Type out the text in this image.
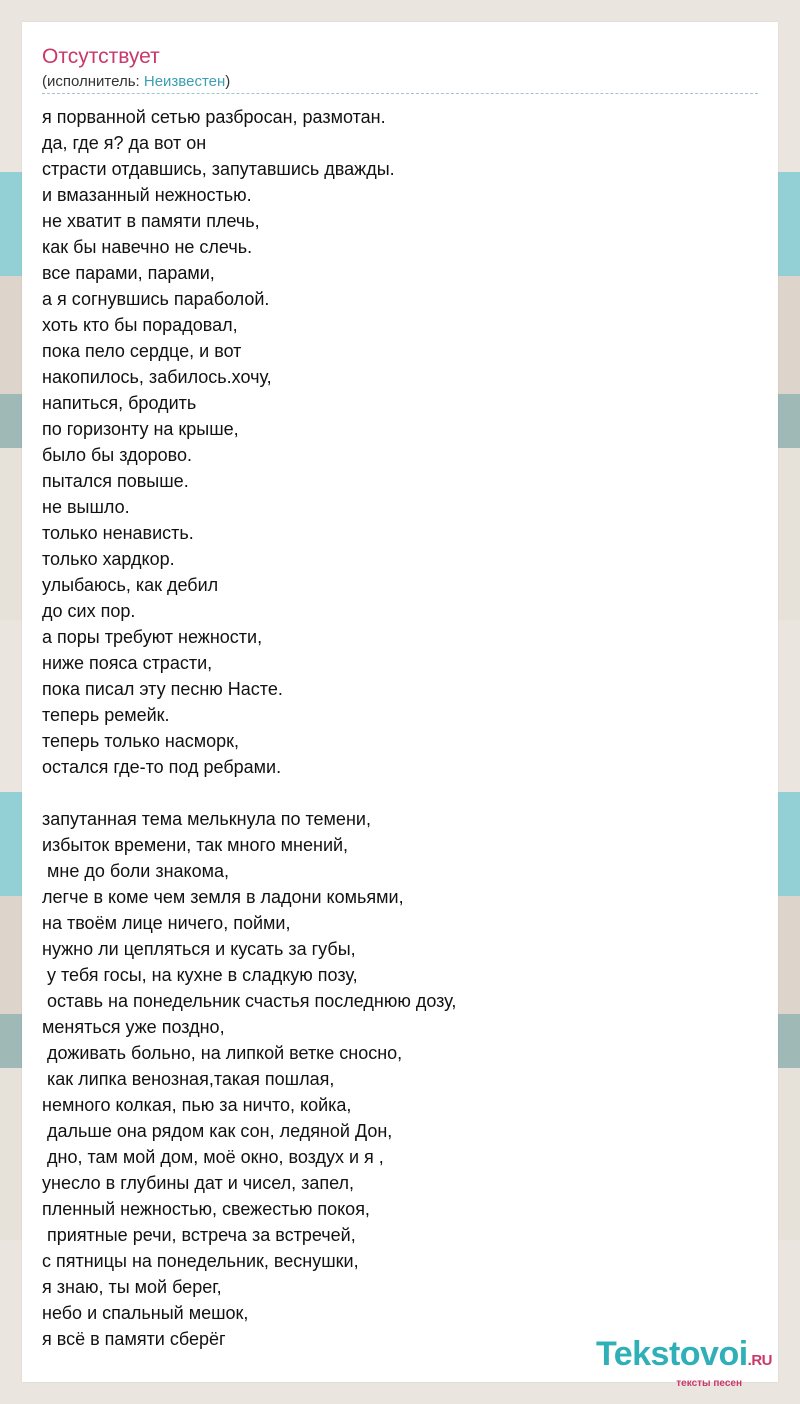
Отсутствует
(исполнитель: Неизвестен)
я порванной сетью разбросан, размотан.
да, где я? да вот он
страсти отдавшись, запутавшись дважды.
и вмазанный нежностью.
не хватит в памяти плечь,
как бы навечно не слечь.
все парами, парами,
а я согнувшись параболой.
хоть кто бы порадовал,
пока пело сердце, и вот
накопилось, забилось.хочу,
напиться, бродить
по горизонту на крыше,
было бы здорово.
пытался повыше.
не вышло.
только ненависть.
только хардкор.
улыбаюсь, как дебил
до сих пор.
а поры требуют нежности,
ниже пояса страсти,
пока писал эту песню Насте.
теперь ремейк.
теперь только насморк,
остался где-то под ребрами.

запутанная тема мелькнула по темени,
избыток времени, так много мнений,
мне до боли знакома,
легче в коме чем земля в ладони комьями,
на твоём лице ничего, пойми,
нужно ли цепляться и кусать за губы,
у тебя госы, на кухне в сладкую позу,
оставь на понедельник счастья последнюю дозу,
меняться уже поздно,
доживать больно, на липкой ветке сносно,
как липка венозная,такая пошлая,
немного колкая, пью за ничто, койка,
дальше она рядом как сон, ледяной Дон,
дно, там мой дом, моё окно, воздух и я ,
унесло в глубины дат и чисел, запел,
пленный нежностью, свежестью покоя,
приятные речи, встреча за встречей,
с пятницы на понедельник, веснушки,
я знаю, ты мой берег,
небо и спальный мешок,
я всё в памяти сберёг	Tekstovoi.RU
тексты песен
